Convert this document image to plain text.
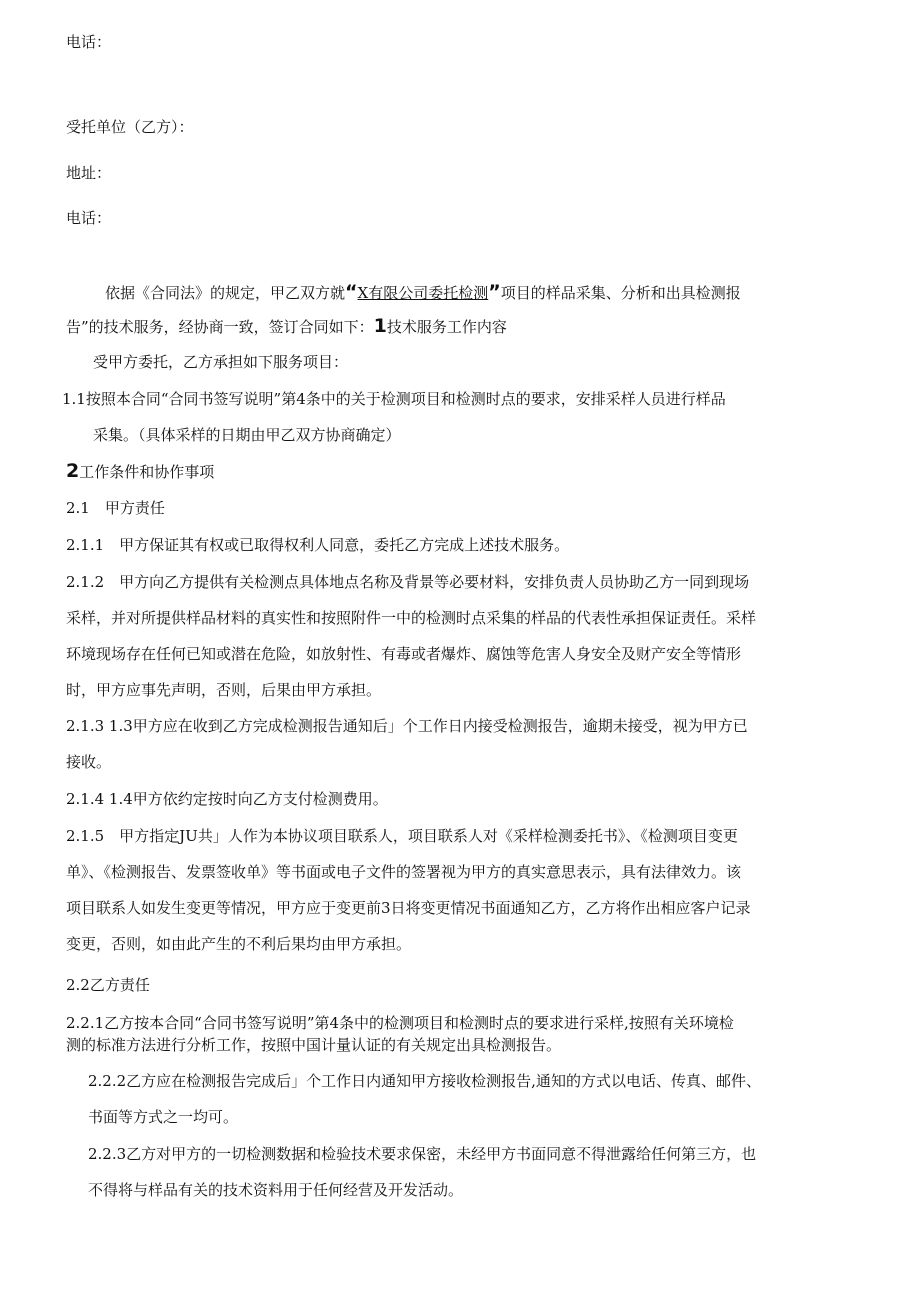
电话：
受托单位（乙方）：
地址：
电话：
依据《合同法》的规定，甲乙双方就“X有限公司委托检测”项目的样品采集、分析和出具检测报
告”的技术服务，经协商一致，签订合同如下：1技术服务工作内容
受甲方委托，乙方承担如下服务项目：
1.1按照本合同“合同书签写说明”第4条中的关于检测项目和检测时点的要求，安排采样人员进行样品
采集。（具体采样的日期由甲乙双方协商确定）
2工作条件和协作事项
2.1　甲方责任
2.1.1　甲方保证其有权或已取得权利人同意，委托乙方完成上述技术服务。
2.1.2　甲方向乙方提供有关检测点具体地点名称及背景等必要材料，安排负责人员协助乙方一同到现场
采样，并对所提供样品材料的真实性和按照附件一中的检测时点采集的样品的代表性承担保证责任。采样
环境现场存在任何已知或潜在危险，如放射性、有毒或者爆炸、腐蚀等危害人身安全及财产安全等情形
时，甲方应事先声明，否则，后果由甲方承担。
2.1.3 1.3甲方应在收到乙方完成检测报告通知后」个工作日内接受检测报告，逾期未接受，视为甲方已
接收。
2.1.4 1.4甲方依约定按时向乙方支付检测费用。
2.1.5　甲方指定JU共」人作为本协议项目联系人，项目联系人对《采样检测委托书》、《检测项目变更
单》、《检测报告、发票签收单》等书面或电子文件的签署视为甲方的真实意思表示，具有法律效力。该
项目联系人如发生变更等情况，甲方应于变更前3日将变更情况书面通知乙方，乙方将作出相应客户记录
变更，否则，如由此产生的不利后果均由甲方承担。
2.2乙方责任
2.2.1乙方按本合同“合同书签写说明”第4条中的检测项目和检测时点的要求进行采样,按照有关环境检
测的标准方法进行分析工作，按照中国计量认证的有关规定出具检测报告。
2.2.2乙方应在检测报告完成后」个工作日内通知甲方接收检测报告,通知的方式以电话、传真、邮件、
书面等方式之一均可。
2.2.3乙方对甲方的一切检测数据和检验技术要求保密，未经甲方书面同意不得泄露给任何第三方，也
不得将与样品有关的技术资料用于任何经营及开发活动。
